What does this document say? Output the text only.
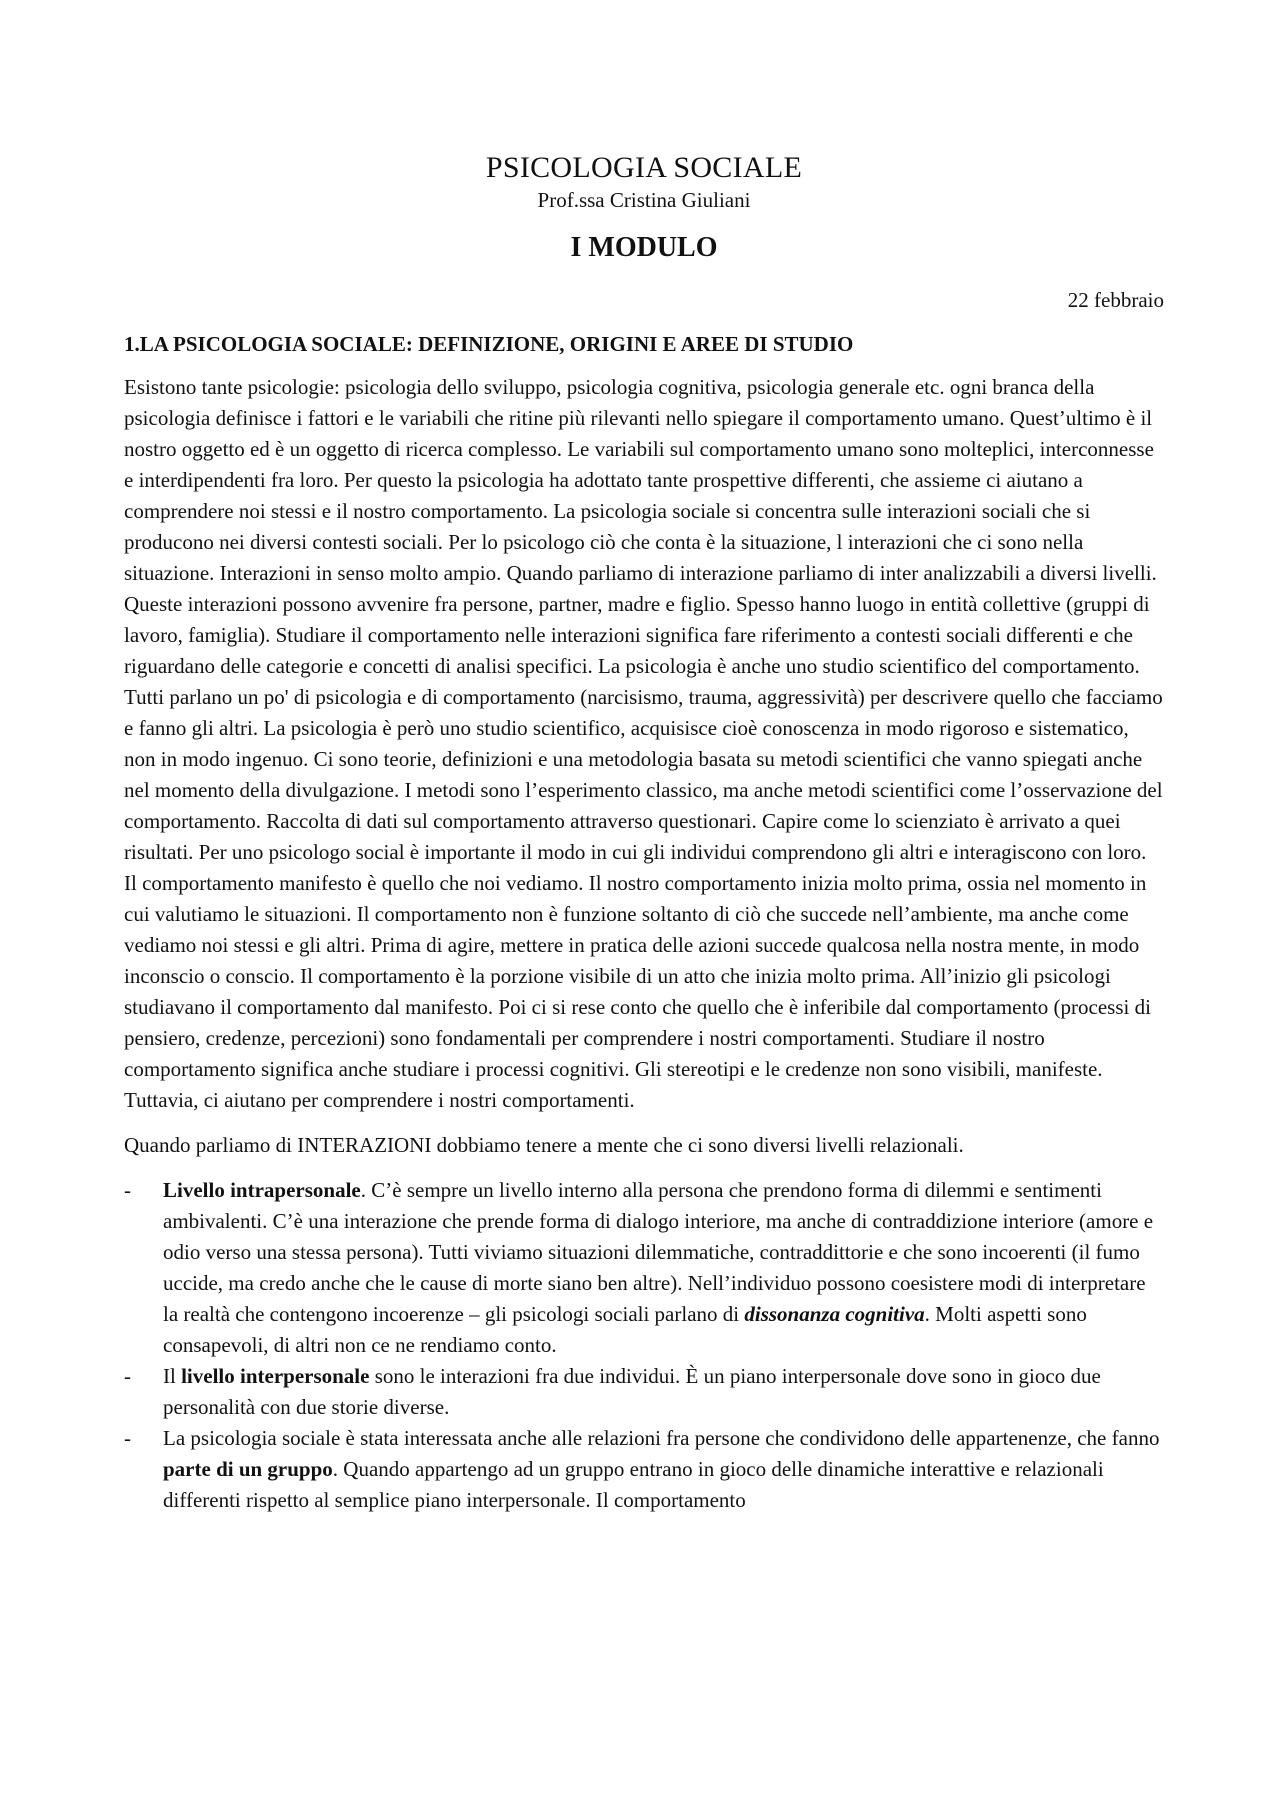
PSICOLOGIA SOCIALE

Prof.ssa Cristina Giuliani

I MODULO

22 febbraio

1.LA PSICOLOGIA SOCIALE: DEFINIZIONE, ORIGINI E AREE DI STUDIO

Esistono tante psicologie: psicologia dello sviluppo, psicologia cognitiva, psicologia generale etc. ogni branca della psicologia definisce i fattori e le variabili che ritine più rilevanti nello spiegare il comportamento umano. Quest’ultimo è il nostro oggetto ed è un oggetto di ricerca complesso. Le variabili sul comportamento umano sono molteplici, interconnesse e interdipendenti fra loro. Per questo la psicologia ha adottato tante prospettive differenti, che assieme ci aiutano a comprendere noi stessi e il nostro comportamento. La psicologia sociale si concentra sulle interazioni sociali che si producono nei diversi contesti sociali. Per lo psicologo ciò che conta è la situazione, l interazioni che ci sono nella situazione. Interazioni in senso molto ampio. Quando parliamo di interazione parliamo di inter analizzabili a diversi livelli. Queste interazioni possono avvenire fra persone, partner, madre e figlio. Spesso hanno luogo in entità collettive (gruppi di lavoro, famiglia). Studiare il comportamento nelle interazioni significa fare riferimento a contesti sociali differenti e che riguardano delle categorie e concetti di analisi specifici. La psicologia è anche uno studio scientifico del comportamento. Tutti parlano un po' di psicologia e di comportamento (narcisismo, trauma, aggressività) per descrivere quello che facciamo e fanno gli altri. La psicologia è però uno studio scientifico, acquisisce cioè conoscenza in modo rigoroso e sistematico, non in modo ingenuo. Ci sono teorie, definizioni e una metodologia basata su metodi scientifici che vanno spiegati anche nel momento della divulgazione. I metodi sono l’esperimento classico, ma anche metodi scientifici come l’osservazione del comportamento. Raccolta di dati sul comportamento attraverso questionari. Capire come lo scienziato è arrivato a quei risultati. Per uno psicologo social è importante il modo in cui gli individui comprendono gli altri e interagiscono con loro. Il comportamento manifesto è quello che noi vediamo. Il nostro comportamento inizia molto prima, ossia nel momento in cui valutiamo le situazioni. Il comportamento non è funzione soltanto di ciò che succede nell’ambiente, ma anche come vediamo noi stessi e gli altri. Prima di agire, mettere in pratica delle azioni succede qualcosa nella nostra mente, in modo inconscio o conscio. Il comportamento è la porzione visibile di un atto che inizia molto prima. All’inizio gli psicologi studiavano il comportamento dal manifesto. Poi ci si rese conto che quello che è inferibile dal comportamento (processi di pensiero, credenze, percezioni) sono fondamentali per comprendere i nostri comportamenti. Studiare il nostro comportamento significa anche studiare i processi cognitivi. Gli stereotipi e le credenze non sono visibili, manifeste. Tuttavia, ci aiutano per comprendere i nostri comportamenti.

Quando parliamo di INTERAZIONI dobbiamo tenere a mente che ci sono diversi livelli relazionali.

- Livello intrapersonale. C’è sempre un livello interno alla persona che prendono forma di dilemmi e sentimenti ambivalenti. C’è una interazione che prende forma di dialogo interiore, ma anche di contraddizione interiore (amore e odio verso una stessa persona). Tutti viviamo situazioni dilemmatiche, contraddittorie e che sono incoerenti (il fumo uccide, ma credo anche che le cause di morte siano ben altre). Nell’individuo possono coesistere modi di interpretare la realtà che contengono incoerenze – gli psicologi sociali parlano di dissonanza cognitiva. Molti aspetti sono consapevoli, di altri non ce ne rendiamo conto.
- Il livello interpersonale sono le interazioni fra due individui. È un piano interpersonale dove sono in gioco due personalità con due storie diverse.
- La psicologia sociale è stata interessata anche alle relazioni fra persone che condividono delle appartenenze, che fanno parte di un gruppo. Quando appartengo ad un gruppo entrano in gioco delle dinamiche interattive e relazionali differenti rispetto al semplice piano interpersonale. Il comportamento
